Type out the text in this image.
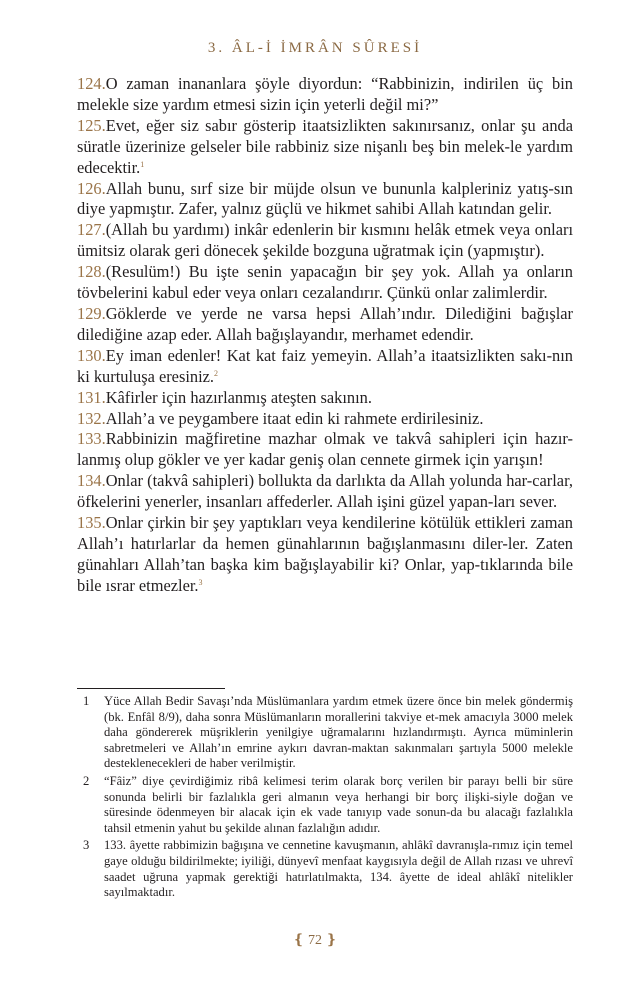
3. ÂL-İ İMRÂN SÛRESİ

124.O zaman inananlara şöyle diyordun: “Rabbinizin, indirilen üç bin melekle size yardım etmesi sizin için yeterli değil mi?”

125.Evet, eğer siz sabır gösterip itaatsizlikten sakınırsanız, onlar şu anda süratle üzerinize gelseler bile rabbiniz size nişanlı beş bin melek-le yardım edecektir.$^1$

126.Allah bunu, sırf size bir müjde olsun ve bununla kalpleriniz yatış-sın diye yapmıştır. Zafer, yalnız güçlü ve hikmet sahibi Allah katından gelir.

127.(Allah bu yardımı) inkâr edenlerin bir kısmını helâk etmek veya onları ümitsiz olarak geri dönecek şekilde bozguna uğratmak için (yapmıştır).

128.(Resulüm!) Bu işte senin yapacağın bir şey yok. Allah ya onların tövbelerini kabul eder veya onları cezalandırır. Çünkü onlar zalimlerdir.

129.Göklerde ve yerde ne varsa hepsi Allah’ındır. Dilediğini bağışlar dilediğine azap eder. Allah bağışlayandır, merhamet edendir.

130.Ey iman edenler! Kat kat faiz yemeyin. Allah’a itaatsizlikten sakı-nın ki kurtuluşa eresiniz.$^2$

131.Kâfirler için hazırlanmış ateşten sakının.

132.Allah’a ve peygambere itaat edin ki rahmete erdirilesiniz.

133.Rabbinizin mağfiretine mazhar olmak ve takvâ sahipleri için hazır-lanmış olup gökler ve yer kadar geniş olan cennete girmek için yarışın!

134.Onlar (takvâ sahipleri) bollukta da darlıkta da Allah yolunda har-carlar, öfkelerini yenerler, insanları affederler. Allah işini güzel yapan-ları sever.

135.Onlar çirkin bir şey yaptıkları veya kendilerine kötülük ettikleri zaman Allah’ı hatırlarlar da hemen günahlarının bağışlanmasını diler-ler. Zaten günahları Allah’tan başka kim bağışlayabilir ki? Onlar, yap-tıklarında bile bile ısrar etmezler.$^3$

1	Yüce Allah Bedir Savaşı’nda Müslümanlara yardım etmek üzere önce bin melek göndermiş (bk. Enfâl 8/9), daha sonra Müslümanların morallerini takviye et-mek amacıyla 3000 melek daha göndererek müşriklerin yenilgiye uğramalarını hızlandırmıştı. Ayrıca müminlerin sabretmeleri ve Allah’ın emrine aykırı davran-maktan sakınmaları şartıyla 5000 melekle desteklenecekleri de haber verilmiştir.
2	“Fâiz” diye çevirdiğimiz ribâ kelimesi terim olarak borç verilen bir parayı belli bir süre sonunda belirli bir fazlalıkla geri almanın veya herhangi bir borç ilişki-siyle doğan ve süresinde ödenmeyen bir alacak için ek vade tanıyıp vade sonun-da bu alacağı fazlalıkla tahsil etmenin yahut bu şekilde alınan fazlalığın adıdır.
3	133. âyette rabbimizin bağışına ve cennetine kavuşmanın, ahlâkî davranışla-rımız için temel gaye olduğu bildirilmekte; iyiliği, dünyevî menfaat kaygısıyla değil de Allah rızası ve uhrevî saadet uğruna yapmak gerektiği hatırlatılmakta, 134. âyette de ideal ahlâkî nitelikler sayılmaktadır.
❴ 72 ❵
